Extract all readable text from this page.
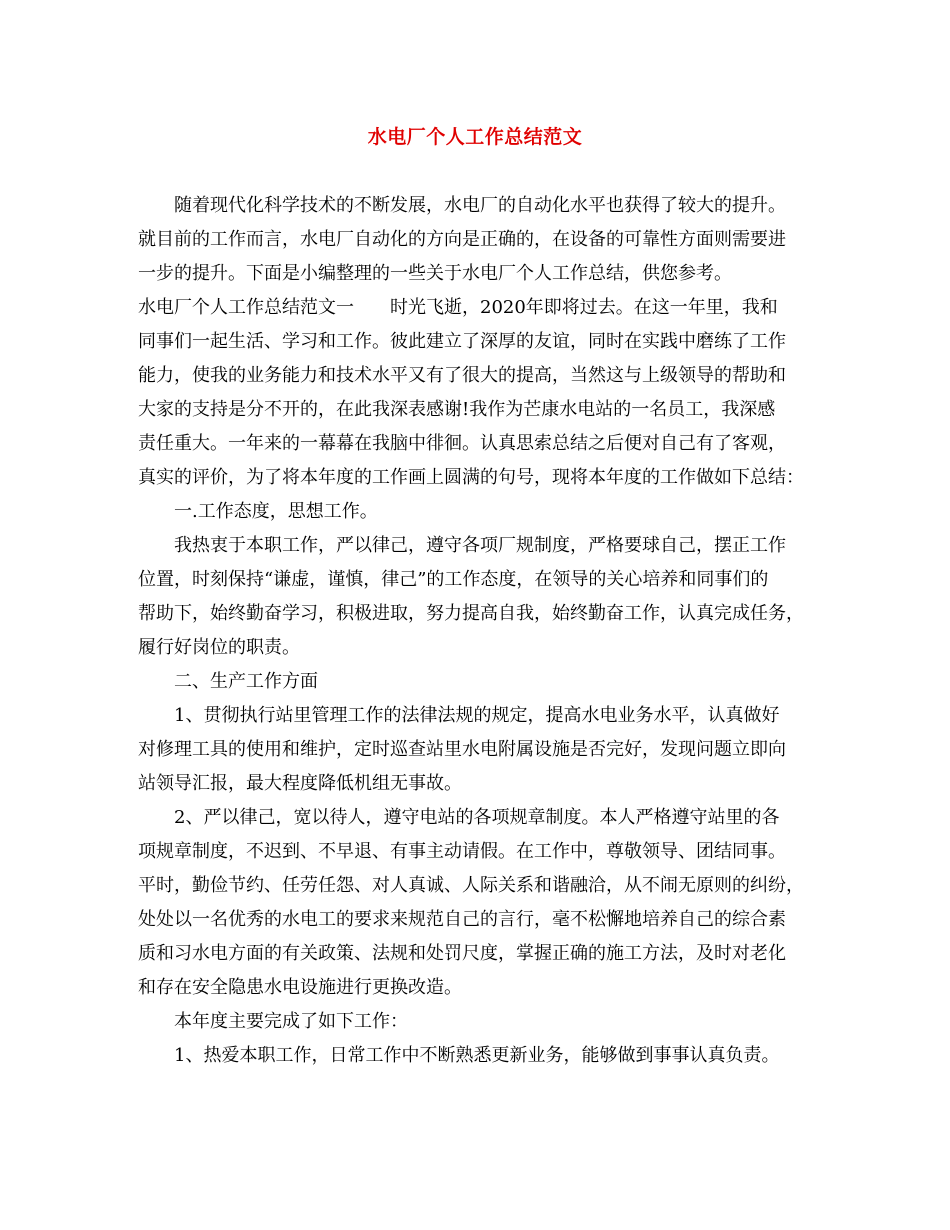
水电厂个人工作总结范文
随着现代化科学技术的不断发展，水电厂的自动化水平也获得了较大的提升。
就目前的工作而言，水电厂自动化的方向是正确的，在设备的可靠性方面则需要进
一步的提升。下面是小编整理的一些关于水电厂个人工作总结，供您参考。
水电厂个人工作总结范文一　　时光飞逝，2020年即将过去。在这一年里，我和
同事们一起生活、学习和工作。彼此建立了深厚的友谊，同时在实践中磨练了工作
能力，使我的业务能力和技术水平又有了很大的提高，当然这与上级领导的帮助和
大家的支持是分不开的，在此我深表感谢!我作为芒康水电站的一名员工，我深感
责任重大。一年来的一幕幕在我脑中徘徊。认真思索总结之后便对自己有了客观，
真实的评价，为了将本年度的工作画上圆满的句号，现将本年度的工作做如下总结：
一.工作态度，思想工作。
我热衷于本职工作，严以律己，遵守各项厂规制度，严格要球自己，摆正工作
位置，时刻保持“谦虚，谨慎，律己”的工作态度，在领导的关心培养和同事们的
帮助下，始终勤奋学习，积极进取，努力提高自我，始终勤奋工作，认真完成任务，
履行好岗位的职责。
二、生产工作方面
1、贯彻执行站里管理工作的法律法规的规定，提高水电业务水平，认真做好
对修理工具的使用和维护，定时巡查站里水电附属设施是否完好，发现问题立即向
站领导汇报，最大程度降低机组无事故。
2、严以律己，宽以待人，遵守电站的各项规章制度。本人严格遵守站里的各
项规章制度，不迟到、不早退、有事主动请假。在工作中，尊敬领导、团结同事。
平时，勤俭节约、任劳任怨、对人真诚、人际关系和谐融洽，从不闹无原则的纠纷，
处处以一名优秀的水电工的要求来规范自己的言行，毫不松懈地培养自己的综合素
质和习水电方面的有关政策、法规和处罚尺度，掌握正确的施工方法，及时对老化
和存在安全隐患水电设施进行更换改造。
本年度主要完成了如下工作：
1、热爱本职工作，日常工作中不断熟悉更新业务，能够做到事事认真负责。
